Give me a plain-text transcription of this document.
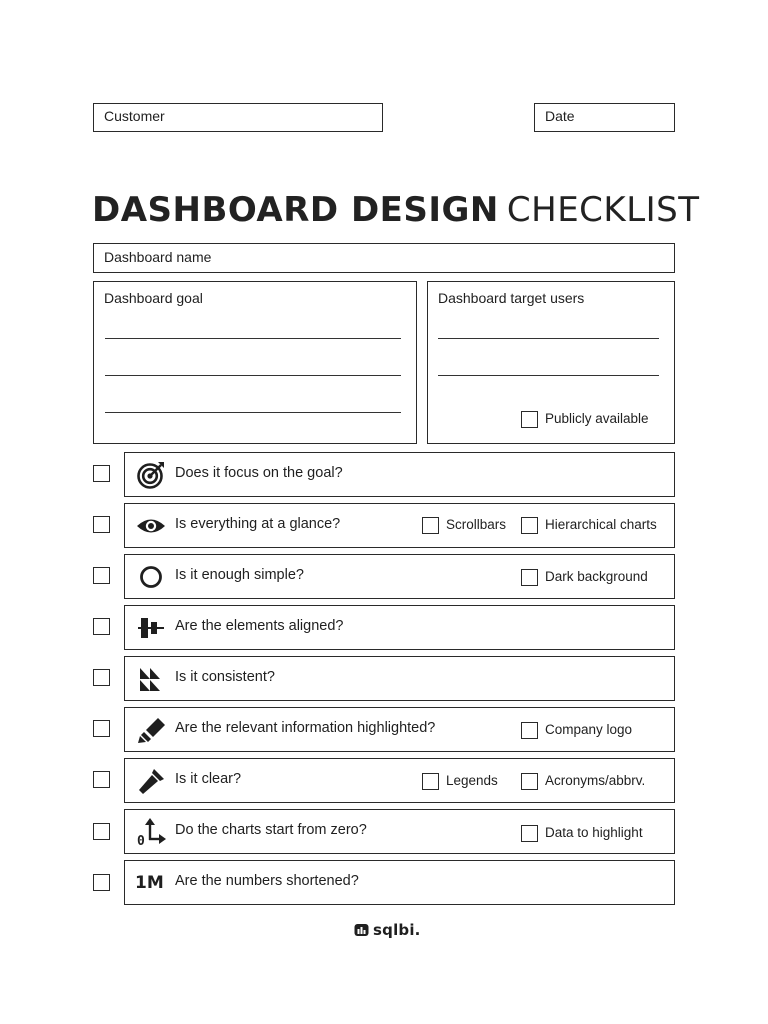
Customer	Date
DASHBOARD DESIGN CHECKLIST
Dashboard name
Dashboard goal	Dashboard target users
Publicly available
Does it focus on the goal?
Is everything at a glance?	Scrollbars	Hierarchical charts
Is it enough simple?	Dark background
Are the elements aligned?
Is it consistent?
Are the relevant information highlighted?	Company logo
Is it clear?	Legends	Acronyms/abbrv.
0
Do the charts start from zero?	Data to highlight
1M Are the numbers shortened?
sqlbi.
